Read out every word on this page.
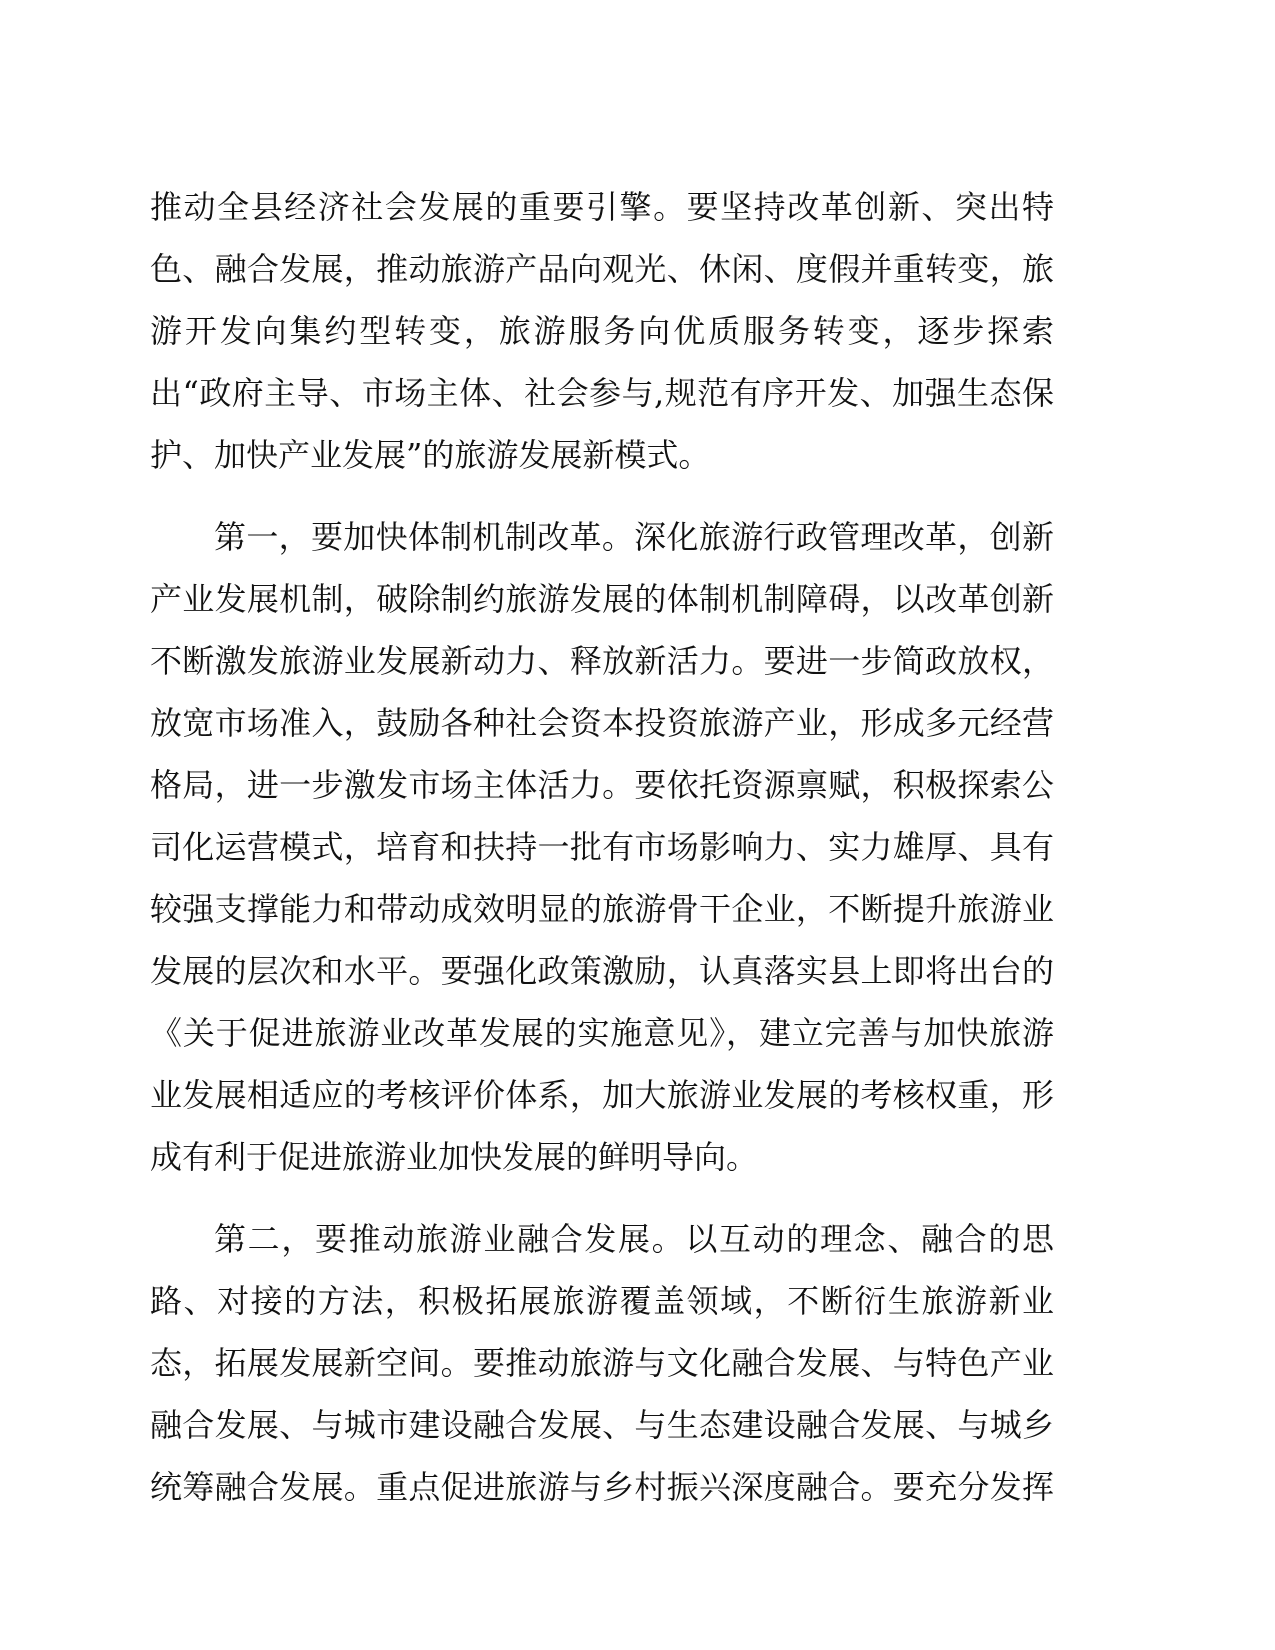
推动全县经济社会发展的重要引擎。要坚持改革创新、突出特
色、融合发展，推动旅游产品向观光、休闲、度假并重转变，旅
游开发向集约型转变，旅游服务向优质服务转变，逐步探索
出“政府主导、市场主体、社会参与,规范有序开发、加强生态保
护、加快产业发展”的旅游发展新模式。
第一，要加快体制机制改革。深化旅游行政管理改革，创新
产业发展机制，破除制约旅游发展的体制机制障碍，以改革创新
不断激发旅游业发展新动力、释放新活力。要进一步简政放权，
放宽市场准入，鼓励各种社会资本投资旅游产业，形成多元经营
格局，进一步激发市场主体活力。要依托资源禀赋，积极探索公
司化运营模式，培育和扶持一批有市场影响力、实力雄厚、具有
较强支撑能力和带动成效明显的旅游骨干企业，不断提升旅游业
发展的层次和水平。要强化政策激励，认真落实县上即将出台的
《关于促进旅游业改革发展的实施意见》，建立完善与加快旅游
业发展相适应的考核评价体系，加大旅游业发展的考核权重，形
成有利于促进旅游业加快发展的鲜明导向。
第二，要推动旅游业融合发展。以互动的理念、融合的思
路、对接的方法，积极拓展旅游覆盖领域，不断衍生旅游新业
态，拓展发展新空间。要推动旅游与文化融合发展、与特色产业
融合发展、与城市建设融合发展、与生态建设融合发展、与城乡
统筹融合发展。重点促进旅游与乡村振兴深度融合。要充分发挥
